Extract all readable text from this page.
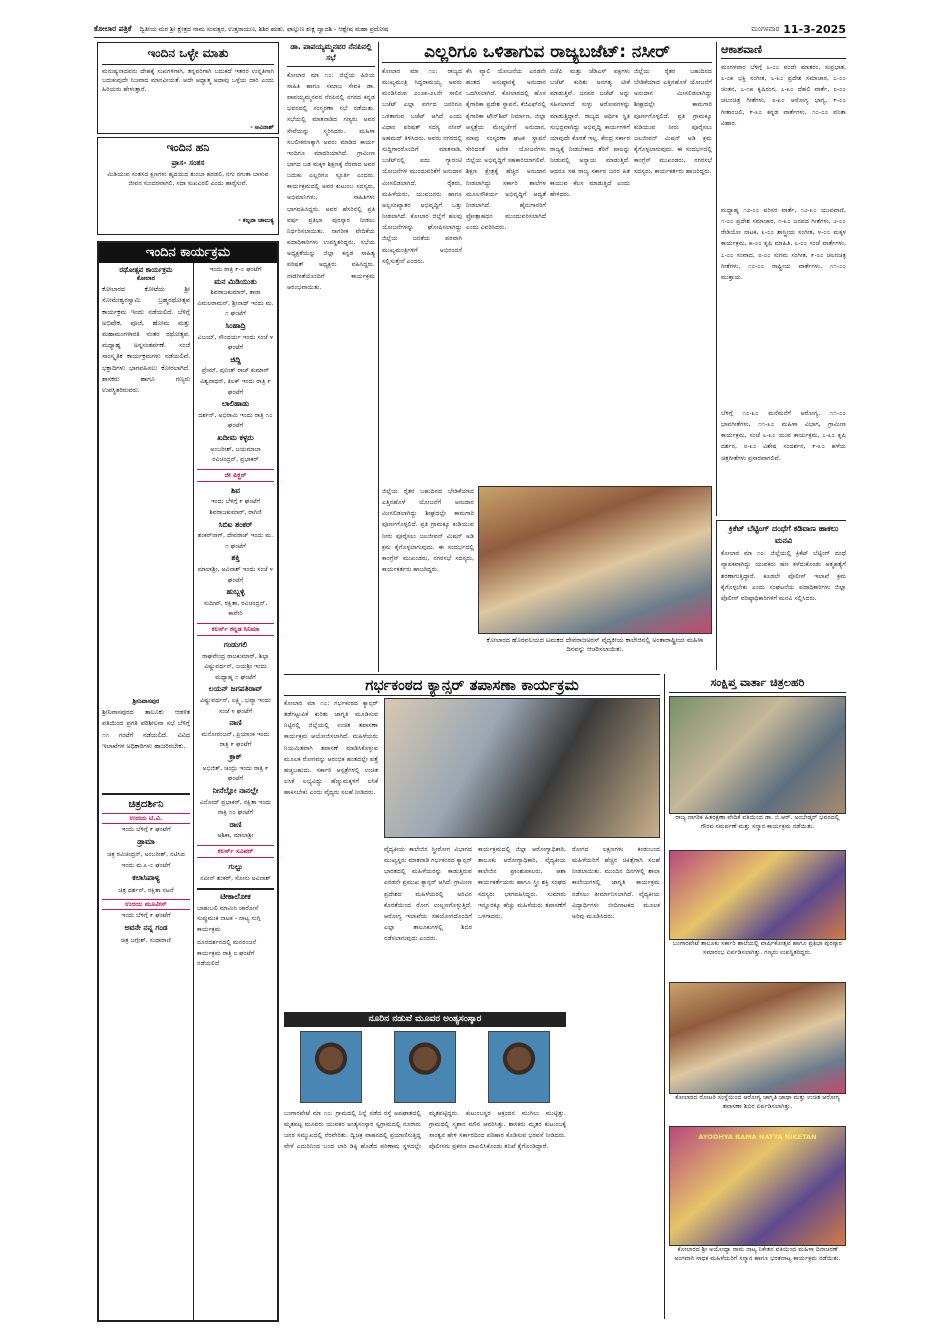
ಕೋಲಾರ ಪತ್ರಿಕೆ ದ್ವಿತೀಯ ಮಠ ಶ್ರೀ ಕ್ಷೇತ್ರದ ನಾಮ ಸಂವತ್ಸರ, ಉತ್ತರಾಯಣ, ಶಿಶಿರ ಋತು, ಫಾಲ್ಗುಣ ಶುಕ್ಲ ದ್ವಾದಶಿ - ಆಶ್ಲೇಷ ಮಹಾ ಪ್ರದೋಷ	ಮಂಗಳವಾರ 11-3-2025
ಇಂದಿನ ಒಳ್ಳೇ ಮಾತು
ಮನುಷ್ಯನಾದವನು ದೇಹಕ್ಕೆ ಸುಖಗಳಿಗಾಗಿ, ತನ್ನವರಿಗಾಗಿ ಬದುಕದೆ ಇತರರ ಉನ್ನತಿಗಾಗಿ ಬದುಕುವುದೇ ನಿಜವಾದ ಮಾನವೀಯತೆ. ಅದೇ ಆಧ್ಯಾತ್ಮ ಅದಾವು ಒಳ್ಳೆಯ ದಾರಿ ಎಂದು ಹಿರಿಯರು ಹೇಳುತ್ತಾರೆ.
- ಅವಿನಾಶ್
ಇಂದಿನ ಹನಿ
ಪ್ರಾಸ- ಸಂತಸ
ಮಿಡಿಯುವ ಸಂತಸದ ಕ್ಷಣಗಳು ಹೃದಯದ ತುಂಬಾ ಹರಡಲಿ, ನಗು ನಗುತಾ ಬಾಳುವ ಜೀವನ ಸುಂದರವಾಗಲಿ, ಸದಾ ಸುಖವಿರಲಿ ಎಂದು ಹಾರೈಸುವೆ.
- ಕಲ್ಪನಾ ಚಾಲುಕ್ಯ
ಇಂದಿನ ಕಾರ್ಯಕ್ರಮ
ರಥೋತ್ಸವ ಕಾರ್ಯಕ್ರಮ
ಕೋಲಾರ
ಕೋಲಾರದ ಕೋಟೆಯ ಶ್ರೀ ಸೋಮೇಶ್ವರಸ್ವಾಮಿ ಬ್ರಹ್ಮರಥೋತ್ಸವ ಕಾರ್ಯಕ್ರಮ ಇಂದು ನಡೆಯಲಿದೆ. ಬೆಳಿಗ್ಗೆ ಅಭಿಷೇಕ, ಪೂಜೆ, ಹೋಮ ಮತ್ತು ಮಹಾಮಂಗಳಾರತಿ ನಂತರ ರಥೋತ್ಸವ. ಮಧ್ಯಾಹ್ನ ಅನ್ನಸಂತರ್ಪಣೆ. ಸಂಜೆ ಸಾಂಸ್ಕೃತಿಕ ಕಾರ್ಯಕ್ರಮಗಳು ನಡೆಯಲಿವೆ. ಭಕ್ತಾದಿಗಳು ಭಾಗವಹಿಸಲು ಕೋರಲಾಗಿದೆ. ಶಾಸಕರು ಹಾಗೂ ಗಣ್ಯರು ಉಪಸ್ಥಿತರಿರುವರು.
ಶ್ರೀನಿವಾಸಪುರ
ಶ್ರೀನಿವಾಸಪುರದ ತಾಲೂಕು ಆಡಳಿತ ವತಿಯಿಂದ ಪ್ರಗತಿ ಪರಿಶೀಲನಾ ಸಭೆ ಬೆಳಿಗ್ಗೆ ೧೧ ಗಂಟೆಗೆ ನಡೆಯಲಿದೆ. ವಿವಿಧ ಇಲಾಖೆಗಳ ಅಧಿಕಾರಿಗಳು ಹಾಜರಿರಬೇಕು.
ಚಿತ್ರದರ್ಶಿನಿ
ಉದಯ ಟಿ.ವಿ.
ಇಂದು ಬೆಳಿಗ್ಗೆ ೯ ಘಂಟೆಗೆ
ಡ್ರಾಮಾ
ಚಿತ್ರ ರವಿಚಂದ್ರನ್, ಅಂಬರೀಶ್, ನಟಿಸಿದ
ಇಂದು ಮ.೩-೦ ಘಂಟೆಗೆ
ಕಲಾಸಿಪಾಳ್ಯ
ಚಿತ್ರ ದರ್ಶನ್, ರಕ್ಷಿತಾ ನಟನೆ
ಉದಯ ಮೂವೀಸ್
ಇಂದು ಬೆಳಿಗ್ಗೆ ೯ ಘಂಟೆಗೆ
ಅವನೇ ನನ್ನ ಗಂಡ
ಚಿತ್ರ ಜಗ್ಗೇಶ್, ಸುಧಾರಾಣಿ
ಇಂದು ರಾತ್ರಿ ೯-೦ ಘಂಟೆಗೆ
ಮನ ಮಿಡಿಯುತು
ಶಿವರಾಜಕುಮಾರ್, ತಾರಾ ವಿಮಲರಾಮನ್, ಶ್ರೀನಾಥ್ ಇಂದು ಮ. ೧ ಘಂಟೆಗೆ
ಸಿಂಹಾದ್ರಿ
ವಿಜಯ್, ಸೌಂದರ್ಯ ಇಂದು ಸಂಜೆ ೪ ಘಂಟೆಗೆ
ಜಿದ್ದಿ
ಪ್ರೇಮ್, ಪುನೀತ್ ರಾಜ್ ಕುಮಾರ್ ವಿಶ್ವನಾಥನ್, ತಿಲಕ್ ಇಂದು ರಾತ್ರಿ ೯ ಘಂಟೆಗೆ
ಲಾಲಿಹಾಡು
ದರ್ಶನ್, ಅಭಿರಾಮಿ ಇಂದು ರಾತ್ರಿ ೧೦ ಘಂಟೆಗೆ
ಖದೀಮ ಕಳ್ಳರು
ಅಂಬರೀಶ್, ಜಯಮಾಲಾ ರವಿಚಂದ್ರನ್, ಪ್ರಭಾಕರ್
ಜೀ ಪಿಕ್ಚರ್
ಶಿವ
ಇಂದು ಬೆಳಿಗ್ಗೆ ೯ ಘಂಟೆಗೆ ಶಿವರಾಜಕುಮಾರ್, ರಾಗಿಣಿ
ಸಿಬಿಐ ಶಂಕರ್
ಶಂಕರ್‌ನಾಗ್, ದೇವರಾಜ್ ಇಂದು ಮ. ೧ ಘಂಟೆಗೆ
ಶಕ್ತಿ
ಮಾಲಾಶ್ರೀ, ಅವಿನಾಶ್ ಇಂದು ಸಂಜೆ ೪ ಘಂಟೆಗೆ
ಹುಬ್ಬಳ್ಳಿ
ಸುದೀಪ್, ರಕ್ಷಿತಾ, ರವಿಚಂದ್ರನ್, ಕಾವೇರಿ
ಕಲರ್ಸ್ ಕನ್ನಡ ಸಿನಿಮಾ
ಗಂಡುಗಲಿ
ರಾಘವೇಂದ್ರ ರಾಜಕುಮಾರ್, ಶಿಲ್ಪಾ ವಿಷ್ಣುವರ್ಧನ್, ಜಯಶ್ರೀ ಇಂದು ಮಧ್ಯಾಹ್ನ ೧ ಘಂಟೆಗೆ
ಲಯನ್ ಜಗಪತಿರಾವ್
ವಿಷ್ಣುವರ್ಧನ್, ಲಕ್ಷ್ಮಿ, ಭವ್ಯಾ ಇಂದು ಸಂಜೆ ೪ ಘಂಟೆಗೆ
ನಾಣಿ
ಮನೋರಂಜನ್, ಪ್ರಿಯಾಂಕ ಇಂದು ರಾತ್ರಿ ೯ ಘಂಟೆಗೆ
ಕ್ರಾಕ್
ಅಭಿಜಿತ್, ಚಂದ್ರು ಇಂದು ರಾತ್ರಿ ೯ ಘಂಟೆಗೆ
ನೀನೆಲ್ಲೋ ನಾನಲ್ಲೇ
ವಿನೋದ್ ಪ್ರಭಾಕರ್, ರಕ್ಷಿತಾ ಇಂದು ರಾತ್ರಿ ೧೦ ಘಂಟೆಗೆ
ರಾಣಿ
ಅಶಿಕಾ, ಮಾಲಾಶ್ರೀ
ಕಲರ್ಸ್ ಸೂಪರ್
ಗುಲ್ಟು
ನವೀನ್ ಶಂಕರ್, ಸೋನು ಅವಿನಾಶ್
ಟೀಕಾಲೋಕ
ಬಾಹುಬಲಿ ಮಾಮಿಸಿ ಚಾರೋಸೆ ಸುಪ್ಪುಮುಕ ನಾಟಕ - ನಾಟ್ಯ ಸುಗ್ಗಿ ಕಾರ್ಯಕ್ರಮ
ದೂರದರ್ಶನದಲ್ಲಿ ಮನರಂಜನೆ ಕಾರ್ಯಕ್ರಮ ರಾತ್ರಿ ೮ ಘಂಟೆಗೆ ನಡೆಯಲಿದೆ
ಡಾ. ಪಾಪಯ್ಯಮ್ಮನವರ ನೆನಪಿನಲ್ಲಿ ಸಭೆ
ಕೋಲಾರ ಮಾ ೧೦: ಜಿಲ್ಲೆಯ ಹಿರಿಯ ಸಾಹಿತಿ ಹಾಗೂ ಸಮಾಜ ಸೇವಕಿ ಡಾ. ಪಾಪಯ್ಯಮ್ಮನವರ ನೆನಪಿನಲ್ಲಿ ನಗರದ ಕನ್ನಡ ಭವನದಲ್ಲಿ ಸಂಸ್ಮರಣಾ ಸಭೆ ನಡೆಯಿತು. ಸಭೆಯಲ್ಲಿ ಮಾತನಾಡಿದ ಗಣ್ಯರು ಅವರ ಸೇವೆಯನ್ನು ಸ್ಮರಿಸಿದರು. ಮಹಿಳಾ ಸಬಲೀಕರಣಕ್ಕಾಗಿ ಅವರು ಮಾಡಿದ ಕಾರ್ಯ ಇಂದಿಗೂ ಮಾದರಿಯಾಗಿದೆ. ಗ್ರಾಮೀಣ ಭಾಗದ ಬಡ ಮಕ್ಕಳ ಶಿಕ್ಷಣಕ್ಕೆ ನೆರವಾದ ಅವರ ಬದುಕು ಎಲ್ಲರಿಗೂ ಸ್ಫೂರ್ತಿ ಎಂದರು. ಕಾರ್ಯಕ್ರಮದಲ್ಲಿ ಅವರ ಕುಟುಂಬ ಸದಸ್ಯರು, ಅಭಿಮಾನಿಗಳು, ಸಾಹಿತಿಗಳು ಭಾಗವಹಿಸಿದ್ದರು. ಅವರ ಹೆಸರಿನಲ್ಲಿ ಪ್ರತಿ ವರ್ಷ ಪ್ರತಿಭಾ ಪುರಸ್ಕಾರ ನೀಡಲು ನಿರ್ಧರಿಸಲಾಯಿತು. ನಾಗರೀಕ ವೇದಿಕೆಯ ಪದಾಧಿಕಾರಿಗಳು ಉಪಸ್ಥಿತರಿದ್ದರು. ಸಭೆಯ ಅಧ್ಯಕ್ಷತೆಯನ್ನು ಜಿಲ್ಲಾ ಕನ್ನಡ ಸಾಹಿತ್ಯ ಪರಿಷತ್ ಅಧ್ಯಕ್ಷರು ವಹಿಸಿದ್ದರು. ನಾಡಗೀತೆಯೊಂದಿಗೆ ಕಾರ್ಯಕ್ರಮ ಆರಂಭವಾಯಿತು.
ಎಲ್ಲರಿಗೂ ಒಳಿತಾಗುವ ರಾಜ್ಯಬಜೆಟ್: ನಸೀರ್
ಕೋಲಾರ ಮಾ ೧೦: ರಾಜ್ಯದ ಮುಖ್ಯಮಂತ್ರಿ ಸಿದ್ದರಾಮಯ್ಯ ಅವರು ಮಂಡಿಸಿರುವ ೨೦೨೫-೨೬ನೇ ಸಾಲಿನ ಬಜೆಟ್ ಎಲ್ಲಾ ವರ್ಗದ ಜನರಿಗೂ ಒಳಿತಾಗುವ ಬಜೆಟ್ ಆಗಿದೆ ಎಂದು ವಿಧಾನ ಪರಿಷತ್ ಸದಸ್ಯ ನಸೀರ್ ಅಹಮದ್ ತಿಳಿಸಿದರು. ಅವರು ನಗರದಲ್ಲಿ ಸುದ್ದಿಗಾರರೊಂದಿಗೆ ಮಾತನಾಡಿ, ಬಜೆಟ್‌ನಲ್ಲಿ ಐದು ಗ್ಯಾರಂಟಿ ಯೋಜನೆಗಳ ಮುಂದುವರಿಕೆಗೆ ಅನುದಾನ ಮೀಸಲಿಡಲಾಗಿದೆ. ರೈತರು, ಮಹಿಳೆಯರು, ಯುವಜನರು ಹಾಗೂ ಅಲ್ಪಸಂಖ್ಯಾತರ ಅಭಿವೃದ್ಧಿಗೆ ಒತ್ತು ನೀಡಲಾಗಿದೆ. ಕೋಲಾರ ಜಿಲ್ಲೆಗೆ ಹಲವು ಯೋಜನೆಗಳನ್ನು ಘೋಷಿಸಲಾಗಿದ್ದು ಜಿಲ್ಲೆಯ ಜನತೆಯ ಪರವಾಗಿ ಮುಖ್ಯಮಂತ್ರಿಗಳಿಗೆ ಅಭಿನಂದನೆ ಸಲ್ಲಿಸುತ್ತೇನೆ ಎಂದರು.
ಕೆಸಿ ವ್ಯಾಲಿ ಯೋಜನೆಯ ಎರಡನೇ ಹಂತದ ಅನುಷ್ಠಾನಕ್ಕೆ ಅನುದಾನ ಒದಗಿಸಲಾಗಿದೆ. ಕೋಲಾರದಲ್ಲಿ ಹೊಸ ಕೈಗಾರಿಕಾ ಪ್ರದೇಶ ಸ್ಥಾಪನೆ, ಕೆಜಿಎಫ್‌ನಲ್ಲಿ ಕೈಗಾರಿಕಾ ಟೌನ್‌ಶಿಪ್ ನಿರ್ಮಾಣ, ಜಿಲ್ಲಾ ಆಸ್ಪತ್ರೆಯ ಮೇಲ್ದರ್ಜೆಗೆ ಅನುದಾನ, ಮಾವು ಸಂಸ್ಕರಣಾ ಘಟಕ ಸ್ಥಾಪನೆ ಸೇರಿದಂತೆ ಅನೇಕ ಯೋಜನೆಗಳು ಜಿಲ್ಲೆಯ ಅಭಿವೃದ್ಧಿಗೆ ಸಹಕಾರಿಯಾಗಲಿವೆ. ಶಿಕ್ಷಣ ಕ್ಷೇತ್ರಕ್ಕೆ ಹೆಚ್ಚಿನ ಅನುದಾನ ನೀಡಲಾಗಿದ್ದು ಸರ್ಕಾರಿ ಶಾಲೆಗಳ ಮೂಲಸೌಕರ್ಯ ಅಭಿವೃದ್ಧಿಗೆ ಆದ್ಯತೆ ನೀಡಲಾಗಿದೆ. ಹೈನುಗಾರರಿಗೆ ಪ್ರೋತ್ಸಾಹಧನ ಮುಂದುವರಿಸಲಾಗಿದೆ ಎಂದು ವಿವರಿಸಿದರು.
ಬಿಜೆಪಿ ಮತ್ತು ಜೆಡಿಎಸ್ ಪಕ್ಷಗಳು ಬಜೆಟ್ ಕುರಿತು ಅನಗತ್ಯ ಟೀಕೆ ಮಾಡುತ್ತಿವೆ. ಜನಪರ ಬಜೆಟ್ ಅನ್ನು ಸಹಿಸಲಾಗದೆ ಸುಳ್ಳು ಆರೋಪಗಳನ್ನು ಮಾಡುತ್ತಿದ್ದಾರೆ. ರಾಜ್ಯದ ಆರ್ಥಿಕ ಸ್ಥಿತಿ ಸುಭದ್ರವಾಗಿದ್ದು ಅಭಿವೃದ್ಧಿ ಕಾರ್ಯಗಳಿಗೆ ಯಾವುದೇ ಕೊರತೆ ಇಲ್ಲ. ಕೇಂದ್ರ ಸರ್ಕಾರ ರಾಜ್ಯಕ್ಕೆ ನೀಡಬೇಕಾದ ತೆರಿಗೆ ಪಾಲನ್ನು ನೀಡುವಲ್ಲಿ ಅನ್ಯಾಯ ಮಾಡುತ್ತಿದೆ. ಆದರೂ ಸಹ ರಾಜ್ಯ ಸರ್ಕಾರ ಜನರ ಹಿತ ಕಾಯುವ ಕೆಲಸ ಮಾಡುತ್ತಿದೆ ಎಂದು ಹೇಳಿದರು.
ಜಿಲ್ಲೆಯ ರೈತರ ಬಹುದಿನದ ಬೇಡಿಕೆಯಾದ ಎತ್ತಿನಹೊಳೆ ಯೋಜನೆಗೆ ಅನುದಾನ ಮೀಸಲಿಡಲಾಗಿದ್ದು ಶೀಘ್ರದಲ್ಲೇ ಕಾಮಗಾರಿ ಪೂರ್ಣಗೊಳ್ಳಲಿದೆ. ಪ್ರತಿ ಗ್ರಾಮಕ್ಕೂ ಕುಡಿಯುವ ನೀರು ಪೂರೈಸಲು ಜಲಜೀವನ್ ಮಿಷನ್ ಅಡಿ ಕ್ರಮ ಕೈಗೊಳ್ಳಲಾಗುವುದು. ಈ ಸಂದರ್ಭದಲ್ಲಿ ಕಾಂಗ್ರೆಸ್ ಮುಖಂಡರು, ನಗರಸಭೆ ಸದಸ್ಯರು, ಕಾರ್ಯಕರ್ತರು ಹಾಜರಿದ್ದರು.
ಕೋಲಾರದ ಹೊರವಲಯದ ಟಮಕದ ದೇವರಾಜಅರಸ್ ವೈದ್ಯಕೀಯ ಕಾಲೇಜಿನಲ್ಲಿ ಅಂತಾರಾಷ್ಟ್ರೀಯ ಮಹಿಳಾ ದಿನವನ್ನು ಆಚರಿಸಲಾಯಿತು.
ಜಿಲ್ಲೆಯ ರೈತರ ಬಹುದಿನದ ಬೇಡಿಕೆಯಾದ ಎತ್ತಿನಹೊಳೆ ಯೋಜನೆಗೆ ಅನುದಾನ ಮೀಸಲಿಡಲಾಗಿದ್ದು ಶೀಘ್ರದಲ್ಲೇ ಕಾಮಗಾರಿ ಪೂರ್ಣಗೊಳ್ಳಲಿದೆ. ಪ್ರತಿ ಗ್ರಾಮಕ್ಕೂ ಕುಡಿಯುವ ನೀರು ಪೂರೈಸಲು ಜಲಜೀವನ್ ಮಿಷನ್ ಅಡಿ ಕ್ರಮ ಕೈಗೊಳ್ಳಲಾಗುವುದು. ಈ ಸಂದರ್ಭದಲ್ಲಿ ಕಾಂಗ್ರೆಸ್ ಮುಖಂಡರು, ನಗರಸಭೆ ಸದಸ್ಯರು, ಕಾರ್ಯಕರ್ತರು ಹಾಜರಿದ್ದರು.
ಆಕಾಶವಾಣಿ
ಮಂಗಳವಾರ ಬೆಳಿಗ್ಗೆ ೬-೦೦ ವಂದೇ ಮಾತರಂ, ಸುಪ್ರಭಾತ, ೬-೦೫ ಭಕ್ತಿ ಸಂಗೀತ, ೬-೩೦ ಪ್ರದೇಶ ಸಮಾಚಾರ, ೭-೦೦ ಚಿಂತನ, ೭-೧೫ ಕೃಷಿರಂಗ, ೭-೩೦ ದೆಹಲಿ ವಾರ್ತೆ, ೮-೦೦ ಚಲನಚಿತ್ರ ಗೀತೆಗಳು, ೮-೩೦ ಆರೋಗ್ಯ ಭಾಗ್ಯ, ೯-೦೦ ಗೀತಾಂಜಲಿ, ೯-೩೦ ಕನ್ನಡ ವಾರ್ತೆಗಳು, ೧೦-೦೦ ವನಿತಾ ವಿಹಾರ.
ಮಧ್ಯಾಹ್ನ ೧೨-೦೦ ಪರಿಸರ ವಾರ್ತೆ, ೧೨-೩೦ ಯುವವಾಣಿ, ೧-೦೦ ಪ್ರದೇಶ ಸಮಾಚಾರ, ೧-೩೦ ಜನಪದ ಗೀತೆಗಳು, ೨-೦೦ ರೇಡಿಯೋ ನಾಟಕ, ೩-೦೦ ಶಾಸ್ತ್ರೀಯ ಸಂಗೀತ, ೪-೦೦ ಮಕ್ಕಳ ಕಾರ್ಯಕ್ರಮ, ೫-೦೦ ಕೃಷಿ ಮಾಹಿತಿ, ೬-೦೦ ಸಂಜೆ ವಾರ್ತೆಗಳು, ೭-೦೦ ಸಂವಾದ, ೮-೦೦ ಸುಗಮ ಸಂಗೀತ, ೯-೦೦ ಚಲನಚಿತ್ರ ಗೀತೆಗಳು, ೧೦-೦೦ ರಾಷ್ಟ್ರೀಯ ವಾರ್ತೆಗಳು, ೧೧-೦೦ ಮುಕ್ತಾಯ.
ಬೆಳಿಗ್ಗೆ ೧೦-೩೦ ಮನೆಮನೆಗೆ ಆರೋಗ್ಯ, ೧೧-೦೦ ಭಾವಗೀತೆಗಳು, ೧೧-೩೦ ಮಹಿಳಾ ವಿಭಾಗ, ಗ್ರಾಮೀಣ ಕಾರ್ಯಕ್ರಮ, ಸಂಜೆ ೬-೩೦ ಯುವ ಕಾರ್ಯಕ್ರಮ, ೭-೩೦ ಕೃಷಿ ದರ್ಶನ, ೮-೩೦ ವಿಶೇಷ ಸಂದರ್ಶನ, ೯-೩೦ ಹಳೆಯ ಚಿತ್ರಗೀತೆಗಳು ಪ್ರಸಾರವಾಗಲಿವೆ.
ಕ್ರಿಕೆಟ್ ಬೆಟ್ಟಿಂಗ್ ದಂಧೆಗೆ ಕಡಿವಾಣ ಹಾಕಲು ಮನವಿ
ಕೋಲಾರ ಮಾ ೧೦: ಜಿಲ್ಲೆಯಲ್ಲಿ ಕ್ರಿಕೆಟ್ ಬೆಟ್ಟಿಂಗ್ ದಂಧೆ ವ್ಯಾಪಕವಾಗಿದ್ದು ಯುವಕರು ಹಣ ಕಳೆದುಕೊಂಡು ಆತ್ಮಹತ್ಯೆಗೆ ಶರಣಾಗುತ್ತಿದ್ದಾರೆ. ಕೂಡಲೇ ಪೊಲೀಸ್ ಇಲಾಖೆ ಕ್ರಮ ಕೈಗೊಳ್ಳಬೇಕು ಎಂದು ಸಂಘಟನೆಯ ಪದಾಧಿಕಾರಿಗಳು ಜಿಲ್ಲಾ ಪೊಲೀಸ್ ವರಿಷ್ಠಾಧಿಕಾರಿಗಳಿಗೆ ಮನವಿ ಸಲ್ಲಿಸಿದರು.
ಗರ್ಭಕಂಠದ ಕ್ಯಾನ್ಸರ್ ತಪಾಸಣಾ ಕಾರ್ಯಕ್ರಮ
ಕೋಲಾರ ಮಾ ೧೦: ಗರ್ಭಕಂಠದ ಕ್ಯಾನ್ಸರ್ ತಡೆಗಟ್ಟುವಿಕೆ ಕುರಿತು ಜಾಗೃತಿ ಮೂಡಿಸುವ ನಿಟ್ಟಿನಲ್ಲಿ ಜಿಲ್ಲೆಯಲ್ಲಿ ಉಚಿತ ತಪಾಸಣಾ ಕಾರ್ಯಕ್ರಮ ಆಯೋಜಿಸಲಾಗಿದೆ. ಮಹಿಳೆಯರು ನಿಯಮಿತವಾಗಿ ತಪಾಸಣೆ ಮಾಡಿಸಿಕೊಳ್ಳುವ ಮೂಲಕ ರೋಗವನ್ನು ಆರಂಭಿಕ ಹಂತದಲ್ಲೇ ಪತ್ತೆ ಹಚ್ಚಬಹುದು. ಸರ್ಕಾರಿ ಆಸ್ಪತ್ರೆಗಳಲ್ಲಿ ಉಚಿತ ಲಸಿಕೆ ಲಭ್ಯವಿದ್ದು ಹೆಣ್ಣುಮಕ್ಕಳಿಗೆ ಲಸಿಕೆ ಹಾಕಿಸಬೇಕು ಎಂದು ವೈದ್ಯರು ಸಲಹೆ ನೀಡಿದರು.
ವೈದ್ಯಕೀಯ ಕಾಲೇಜಿನ ಸ್ತ್ರೀರೋಗ ವಿಭಾಗದ ಮುಖ್ಯಸ್ಥರು ಮಾತನಾಡಿ ಗರ್ಭಕಂಠದ ಕ್ಯಾನ್ಸರ್ ಭಾರತದಲ್ಲಿ ಮಹಿಳೆಯರನ್ನು ಕಾಡುತ್ತಿರುವ ಎರಡನೇ ಪ್ರಮುಖ ಕ್ಯಾನ್ಸರ್ ಆಗಿದೆ. ಗ್ರಾಮೀಣ ಪ್ರದೇಶದ ಮಹಿಳೆಯರಲ್ಲಿ ಅರಿವಿನ ಕೊರತೆಯಿಂದ ರೋಗ ಉಲ್ಬಣಗೊಳ್ಳುತ್ತಿದೆ. ಆರೋಗ್ಯ ಇಲಾಖೆಯ ಸಹಯೋಗದೊಂದಿಗೆ ಎಲ್ಲಾ ತಾಲೂಕುಗಳಲ್ಲಿ ಶಿಬಿರ ನಡೆಸಲಾಗುವುದು ಎಂದರು.
ಕಾರ್ಯಕ್ರಮದಲ್ಲಿ ಜಿಲ್ಲಾ ಆರೋಗ್ಯಾಧಿಕಾರಿ, ತಾಲೂಕು ಆರೋಗ್ಯಾಧಿಕಾರಿ, ವೈದ್ಯಕೀಯ ಕಾಲೇಜಿನ ಪ್ರಾಂಶುಪಾಲರು, ಆಶಾ ಕಾರ್ಯಕರ್ತೆಯರು ಹಾಗೂ ಸ್ತ್ರೀ ಶಕ್ತಿ ಸಂಘದ ಸದಸ್ಯರು ಭಾಗವಹಿಸಿದ್ದರು. ಸುಮಾರು ಇನ್ನೂರಕ್ಕೂ ಹೆಚ್ಚು ಮಹಿಳೆಯರು ತಪಾಸಣೆಗೆ ಒಳಗಾದರು.
ರೋಗದ ಲಕ್ಷಣಗಳು ಕಂಡುಬಂದ ಮಹಿಳೆಯರಿಗೆ ಹೆಚ್ಚಿನ ಚಿಕಿತ್ಸೆಗಾಗಿ ಸಲಹೆ ನೀಡಲಾಯಿತು. ಮುಂದಿನ ದಿನಗಳಲ್ಲಿ ಶಾಲಾ ಕಾಲೇಜುಗಳಲ್ಲಿ ಜಾಗೃತಿ ಕಾರ್ಯಕ್ರಮ ನಡೆಸಲು ತೀರ್ಮಾನಿಸಲಾಗಿದೆ. ವೈದ್ಯಕೀಯ ವಿದ್ಯಾರ್ಥಿಗಳು ಬೀದಿನಾಟಕದ ಮೂಲಕ ಅರಿವು ಮೂಡಿಸಿದರು.
ನೂರಿನ ನಡುವೆ ಮೂವರ ಅಂತ್ಯಸಂಸ್ಕಾರ
ಬಂಗಾರಪೇಟೆ ಮಾ ೧೦: ಗ್ರಾಮದಲ್ಲಿ ನಿನ್ನೆ ನಡೆದ ರಸ್ತೆ ಅಪಘಾತದಲ್ಲಿ ಮೃತಪಟ್ಟ ಮೂವರು ಯುವಕರ ಅಂತ್ಯಸಂಸ್ಕಾರ ಸ್ವಗ್ರಾಮದಲ್ಲಿ ನೂರಾರು ಜನರ ಸಮ್ಮುಖದಲ್ಲಿ ನೆರವೇರಿತು. ದ್ವಿಚಕ್ರ ವಾಹನದಲ್ಲಿ ಪ್ರಯಾಣಿಸುತ್ತಿದ್ದ ವೇಳೆ ಎದುರಿನಿಂದ ಬಂದ ಲಾರಿ ಡಿಕ್ಕಿ ಹೊಡೆದ ಪರಿಣಾಮ ಸ್ಥಳದಲ್ಲೇ ಮೃತಪಟ್ಟಿದ್ದರು. ಕುಟುಂಬಸ್ಥರ ಆಕ್ರಂದನ ಮುಗಿಲು ಮುಟ್ಟಿತ್ತು. ಗ್ರಾಮದಲ್ಲಿ ಸ್ಮಶಾನ ಮೌನ ಆವರಿಸಿತ್ತು. ಶಾಸಕರು ಮೃತರ ಕುಟುಂಬಕ್ಕೆ ಸಾಂತ್ವನ ಹೇಳಿ ಸರ್ಕಾರದಿಂದ ಪರಿಹಾರ ಕೊಡಿಸುವ ಭರವಸೆ ನೀಡಿದರು. ಪೊಲೀಸರು ಪ್ರಕರಣ ದಾಖಲಿಸಿಕೊಂಡು ತನಿಖೆ ಕೈಗೊಂಡಿದ್ದಾರೆ.
ಸಂಕ್ಷಿಪ್ತ ವಾರ್ತಾ ಚಿತ್ರಲಹರಿ
ರಾಜ್ಯ ನಾಗರಿಕ ಹಿತರಕ್ಷಣಾ ವೇದಿಕೆ ವತಿಯಿಂದ ಡಾ. ಬಿ.ಆರ್. ಅಂಬೇಡ್ಕರ್ ಭವನದಲ್ಲಿ ಗೌರವ ಸಮರ್ಪಣೆ ಮತ್ತು ಸನ್ಮಾನ ಕಾರ್ಯಕ್ರಮ ನಡೆಯಿತು.
ಬಂಗಾರಪೇಟೆ ತಾಲೂಕು ಸರ್ಕಾರಿ ಶಾಲೆಯಲ್ಲಿ ವಾರ್ಷಿಕೋತ್ಸವ ಹಾಗೂ ಪ್ರತಿಭಾ ಪುರಸ್ಕಾರ ಸಮಾರಂಭ ಏರ್ಪಡಿಸಲಾಗಿತ್ತು. ಗಣ್ಯರು ಉಪಸ್ಥಿತರಿದ್ದರು.
ಕೋಲಾರದ ರೋಟರಿ ಸಂಸ್ಥೆಯಿಂದ ಆರೋಗ್ಯ ಜಾಗೃತಿ ಜಾಥಾ ಮತ್ತು ಉಚಿತ ಆರೋಗ್ಯ ತಪಾಸಣಾ ಶಿಬಿರ ಏರ್ಪಡಿಸಲಾಗಿತ್ತು.
AYODHYA RAMA NATYA NIKETAN
ಕೋಲಾರದ ಶ್ರೀ ಅಯೋಧ್ಯಾ ರಾಮ ನಾಟ್ಯ ನಿಕೇತನ ವತಿಯಿಂದ ಮಹಿಳಾ ದಿನಾಚರಣೆ ಅಂಗವಾಗಿ ಸಾಧಕ ಮಹಿಳೆಯರಿಗೆ ಸನ್ಮಾನ ಹಾಗೂ ಭರತನಾಟ್ಯ ಕಾರ್ಯಕ್ರಮ ನಡೆಯಿತು.
